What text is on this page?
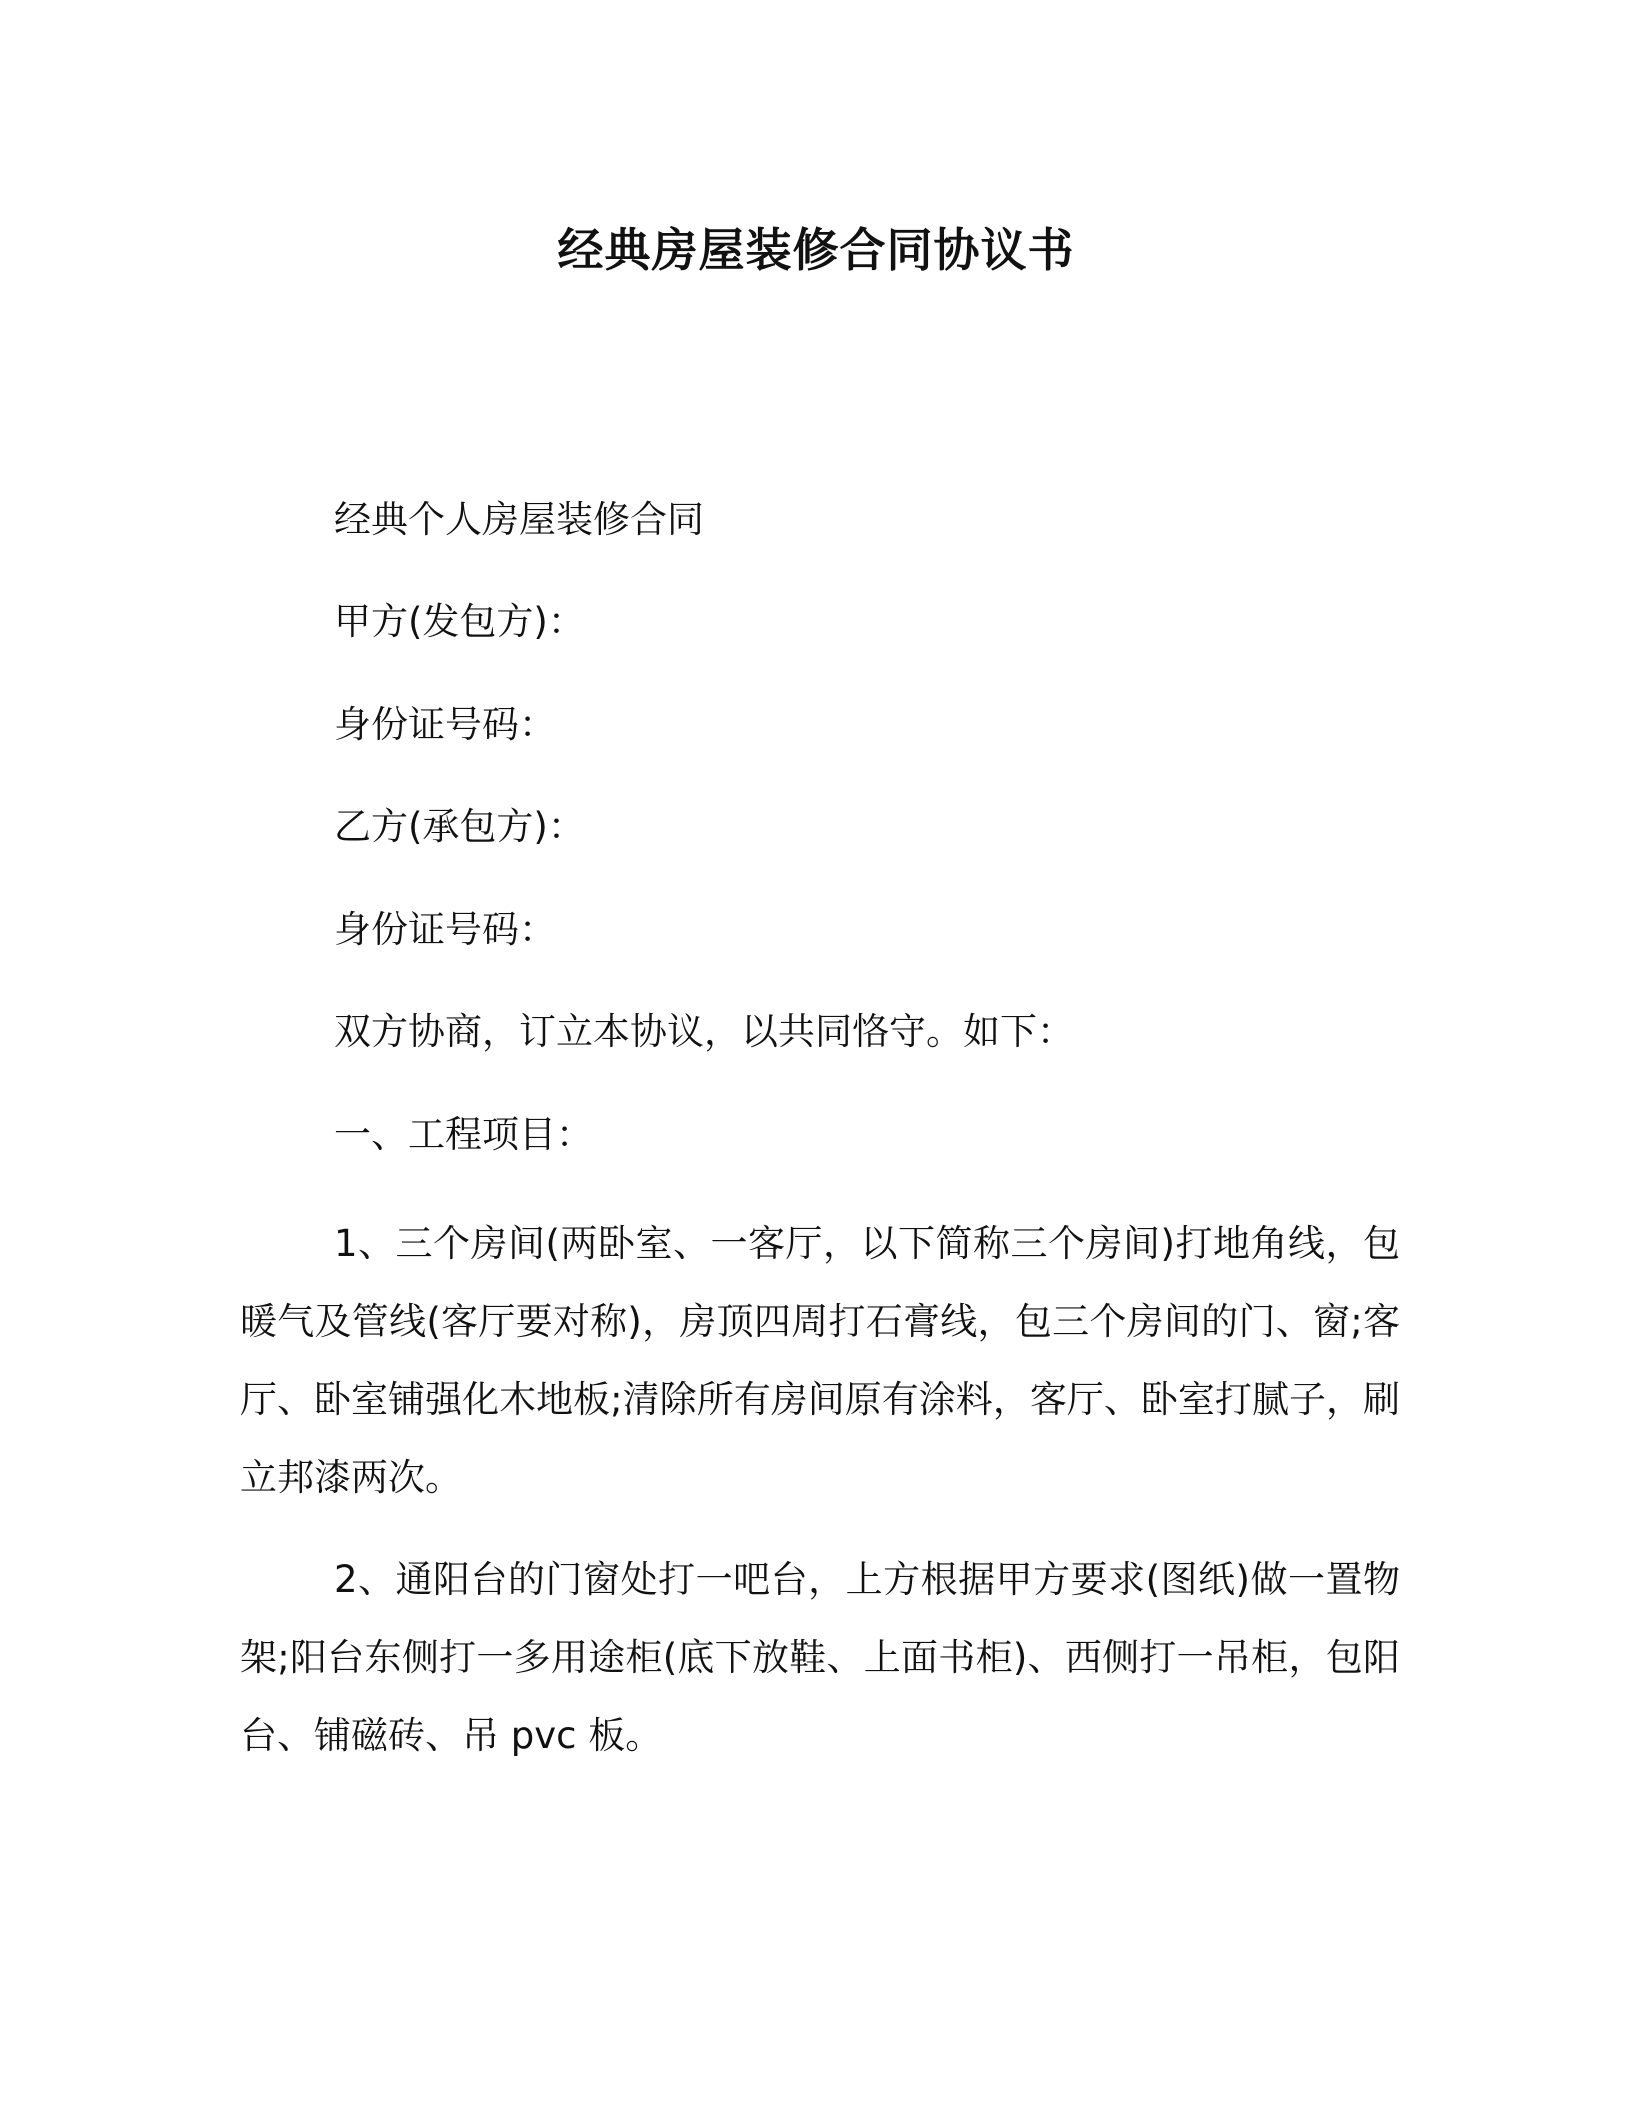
经典房屋装修合同协议书

经典个人房屋装修合同

甲方(发包方)：

身份证号码：

乙方(承包方)：

身份证号码：

双方协商，订立本协议，以共同恪守。如下：

一、工程项目：

1、三个房间(两卧室、一客厅，以下简称三个房间)打地角线，包暖气及管线(客厅要对称)，房顶四周打石膏线，包三个房间的门、窗;客厅、卧室铺强化木地板;清除所有房间原有涂料，客厅、卧室打腻子，刷立邦漆两次。

2、通阳台的门窗处打一吧台，上方根据甲方要求(图纸)做一置物架;阳台东侧打一多用途柜(底下放鞋、上面书柜)、西侧打一吊柜，包阳台、铺磁砖、吊 pvc 板。
